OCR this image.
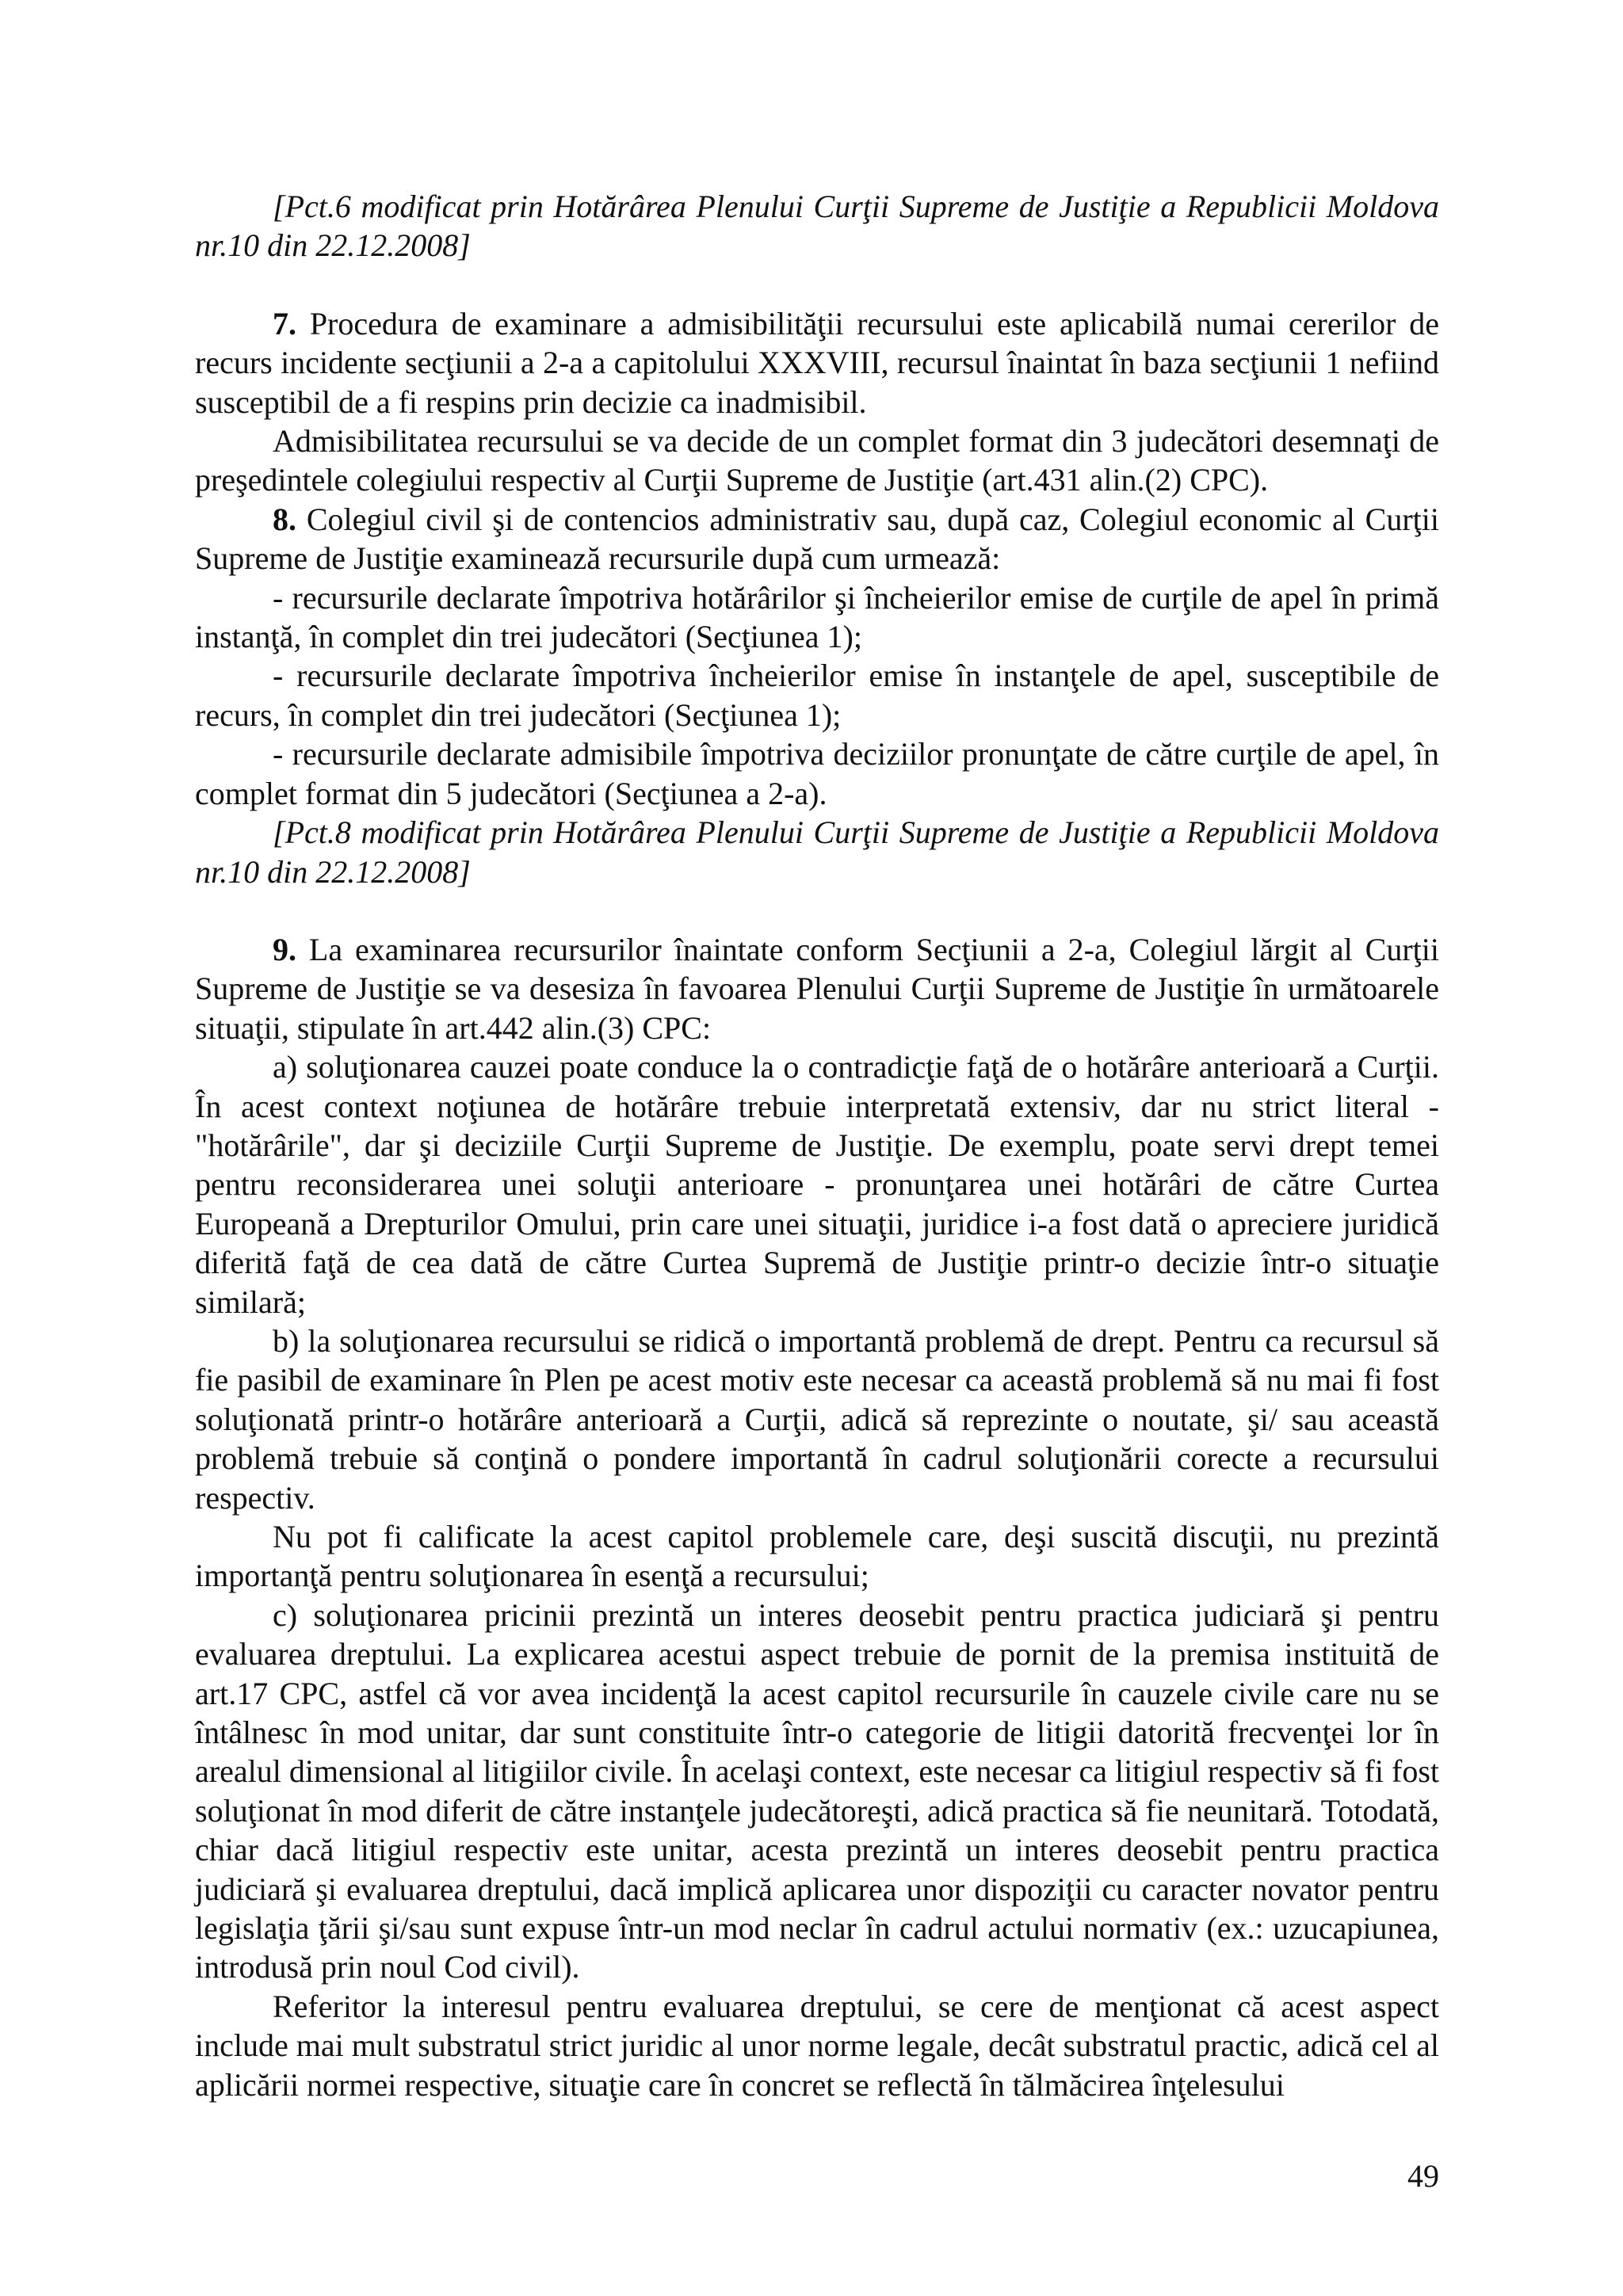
[Pct.6 modificat prin Hotărârea Plenului Curţii Supreme de Justiţie a Republicii Moldova nr.10 din 22.12.2008]

7. Procedura de examinare a admisibilităţii recursului este aplicabilă numai cererilor de recurs incidente secţiunii a 2-a a capitolului XXXVIII, recursul înaintat în baza secţiunii 1 nefiind susceptibil de a fi respins prin decizie ca inadmisibil.

Admisibilitatea recursului se va decide de un complet format din 3 judecători desemnaţi de preşedintele colegiului respectiv al Curţii Supreme de Justiţie (art.431 alin.(2) CPC).

8. Colegiul civil şi de contencios administrativ sau, după caz, Colegiul economic al Curţii Supreme de Justiţie examinează recursurile după cum urmează:

- recursurile declarate împotriva hotărârilor şi încheierilor emise de curţile de apel în primă instanţă, în complet din trei judecători (Secţiunea 1);

- recursurile declarate împotriva încheierilor emise în instanţele de apel, susceptibile de recurs, în complet din trei judecători (Secţiunea 1);

- recursurile declarate admisibile împotriva deciziilor pronunţate de către curţile de apel, în complet format din 5 judecători (Secţiunea a 2-a).

[Pct.8 modificat prin Hotărârea Plenului Curţii Supreme de Justiţie a Republicii Moldova nr.10 din 22.12.2008]

9. La examinarea recursurilor înaintate conform Secţiunii a 2-a, Colegiul lărgit al Curţii Supreme de Justiţie se va desesiza în favoarea Plenului Curţii Supreme de Justiţie în următoarele situaţii, stipulate în art.442 alin.(3) CPC:

a) soluţionarea cauzei poate conduce la o contradicţie faţă de o hotărâre anterioară a Curţii. În acest context noţiunea de hotărâre trebuie interpretată extensiv, dar nu strict literal - "hotărârile", dar şi deciziile Curţii Supreme de Justiţie. De exemplu, poate servi drept temei pentru reconsiderarea unei soluţii anterioare - pronunţarea unei hotărâri de către Curtea Europeană a Drepturilor Omului, prin care unei situaţii, juridice i-a fost dată o apreciere juridică diferită faţă de cea dată de către Curtea Supremă de Justiţie printr-o decizie într-o situaţie similară;

b) la soluţionarea recursului se ridică o importantă problemă de drept. Pentru ca recursul să fie pasibil de examinare în Plen pe acest motiv este necesar ca această problemă să nu mai fi fost soluţionată printr-o hotărâre anterioară a Curţii, adică să reprezinte o noutate, şi/ sau această problemă trebuie să conţină o pondere importantă în cadrul soluţionării corecte a recursului respectiv.

Nu pot fi calificate la acest capitol problemele care, deşi suscită discuţii, nu prezintă importanţă pentru soluţionarea în esenţă a recursului;

c) soluţionarea pricinii prezintă un interes deosebit pentru practica judiciară şi pentru evaluarea dreptului. La explicarea acestui aspect trebuie de pornit de la premisa instituită de art.17 CPC, astfel că vor avea incidenţă la acest capitol recursurile în cauzele civile care nu se întâlnesc în mod unitar, dar sunt constituite într-o categorie de litigii datorită frecvenţei lor în arealul dimensional al litigiilor civile. În acelaşi context, este necesar ca litigiul respectiv să fi fost soluţionat în mod diferit de către instanţele judecătoreşti, adică practica să fie neunitară. Totodată, chiar dacă litigiul respectiv este unitar, acesta prezintă un interes deosebit pentru practica judiciară şi evaluarea dreptului, dacă implică aplicarea unor dispoziţii cu caracter novator pentru legislaţia ţării şi/sau sunt expuse într-un mod neclar în cadrul actului normativ (ex.: uzucapiunea, introdusă prin noul Cod civil).

Referitor la interesul pentru evaluarea dreptului, se cere de menţionat că acest aspect include mai mult substratul strict juridic al unor norme legale, decât substratul practic, adică cel al aplicării normei respective, situaţie care în concret se reflectă în tălmăcirea înţelesului

49
